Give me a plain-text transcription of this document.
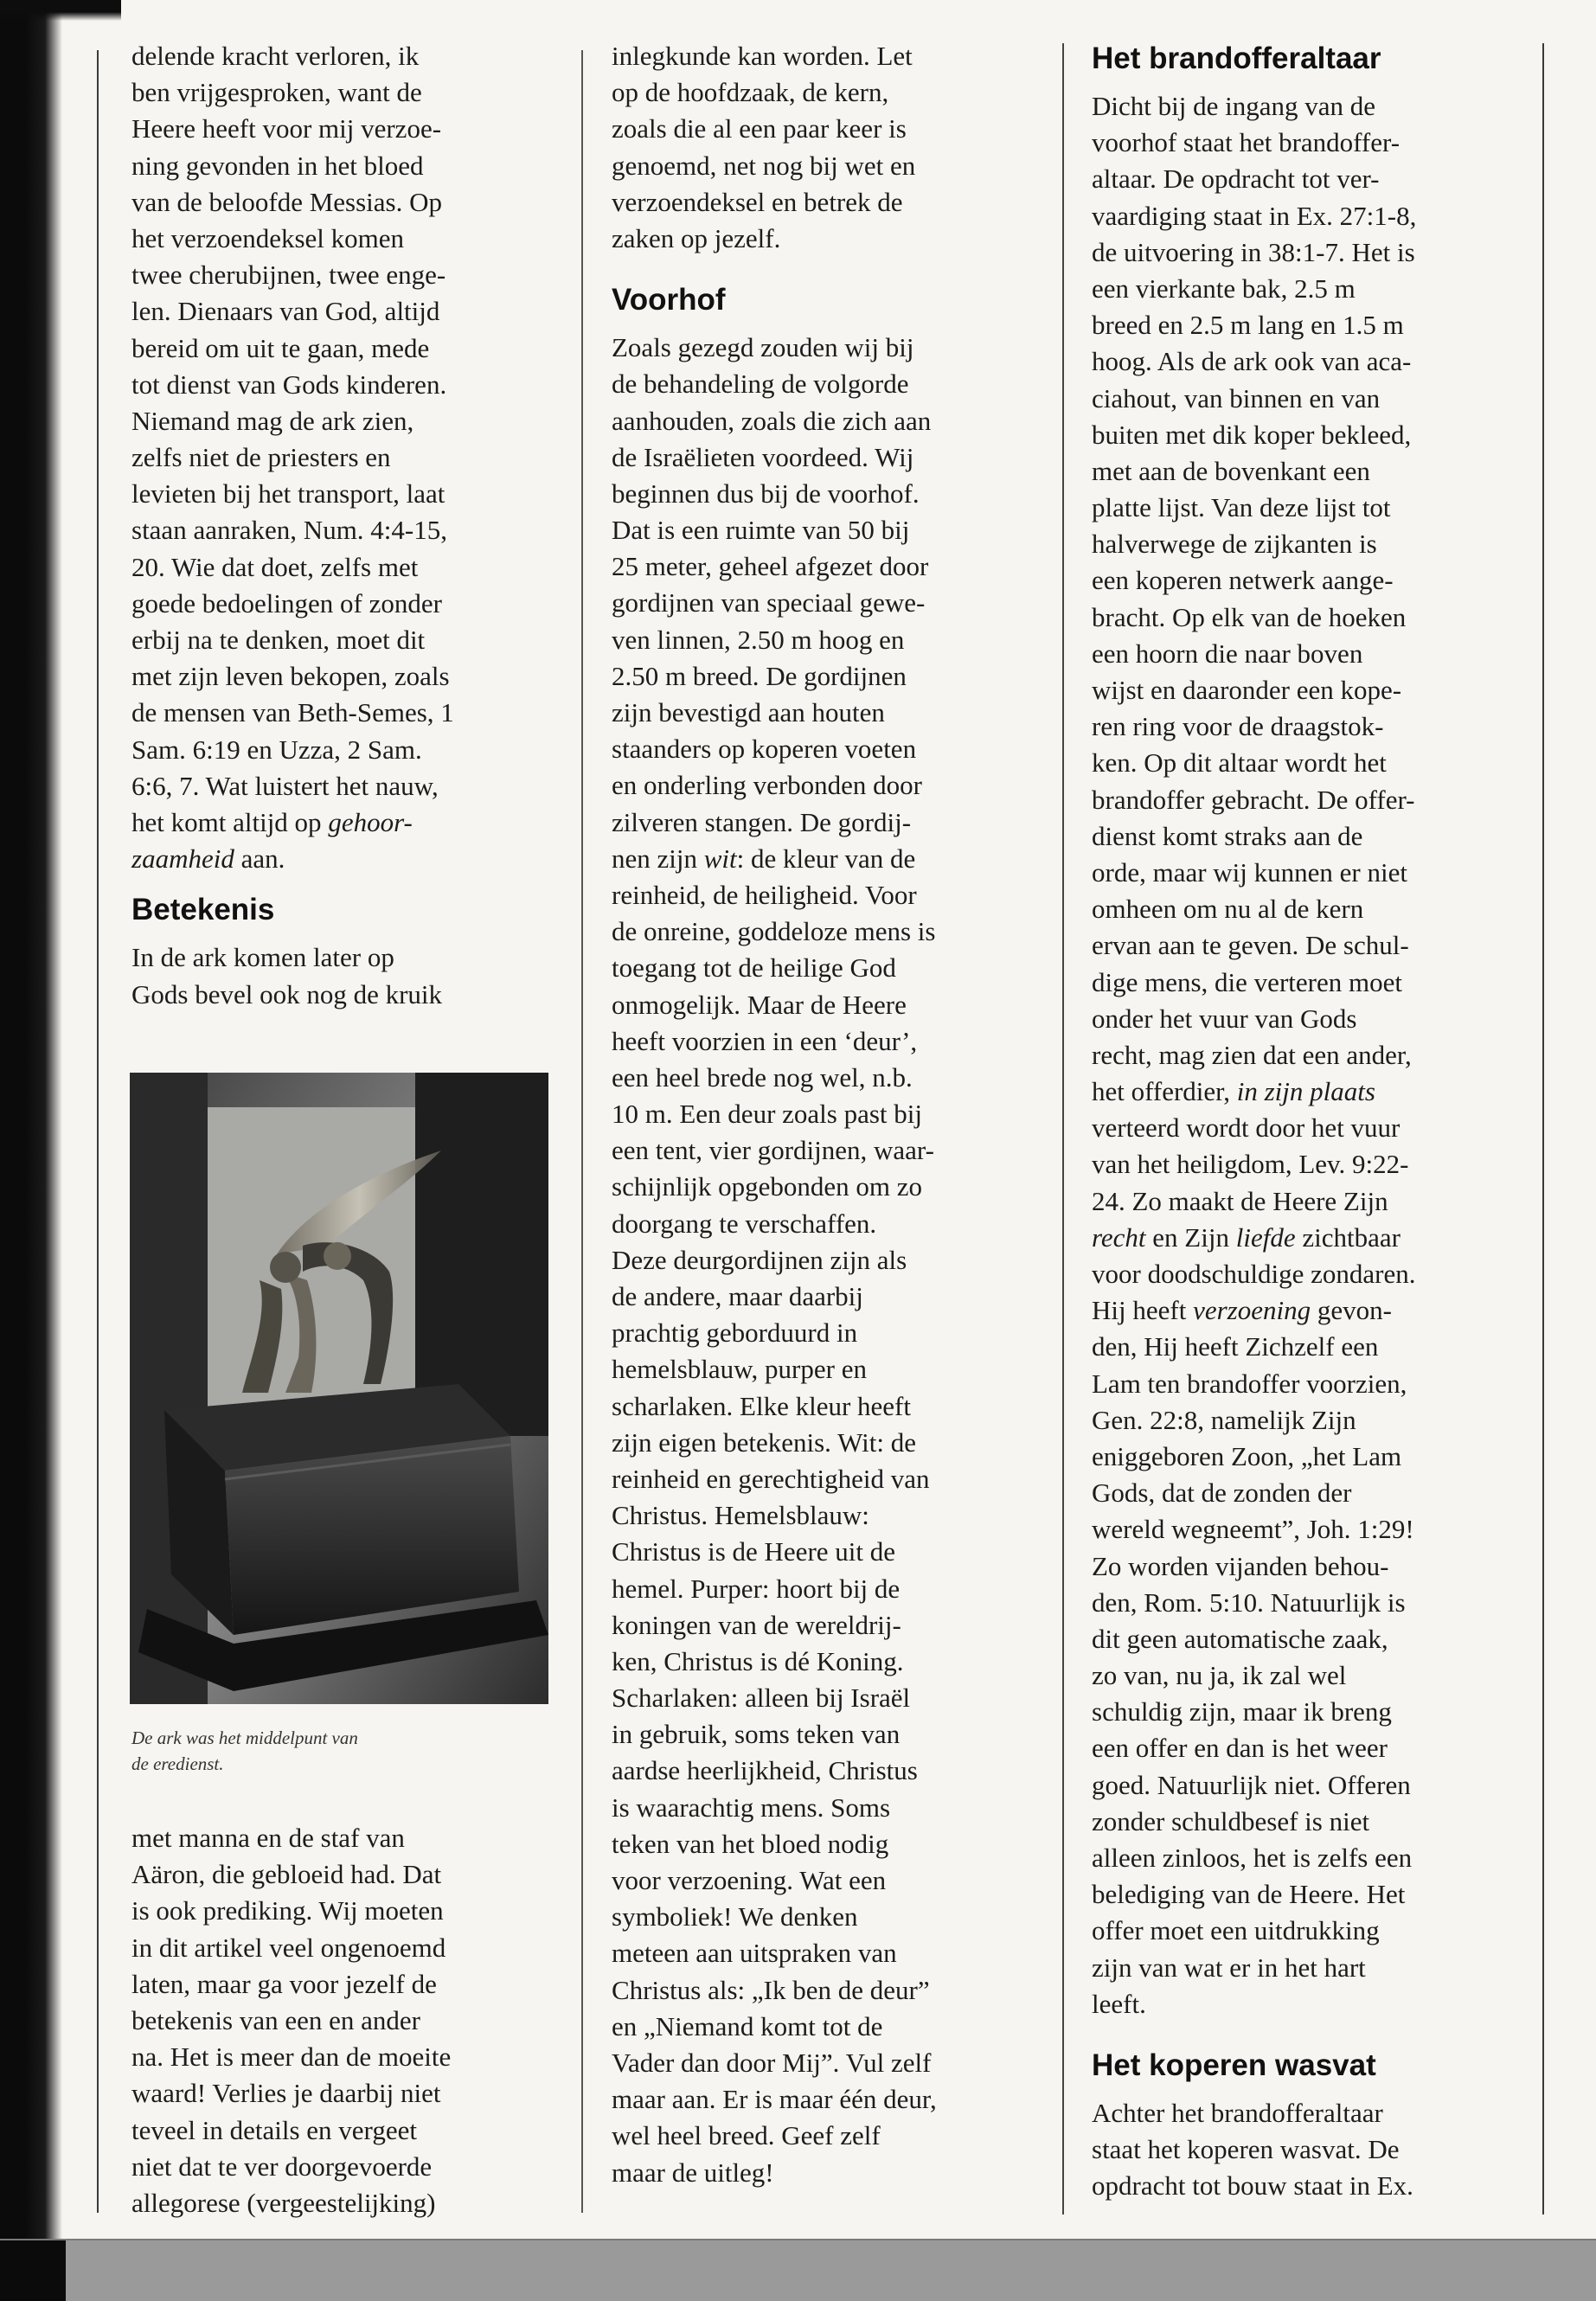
delende kracht verloren, ik
ben vrijgesproken, want de
Heere heeft voor mij verzoe-
ning gevonden in het bloed
van de beloofde Messias. Op
het verzoendeksel komen
twee cherubijnen, twee enge-
len. Dienaars van God, altijd
bereid om uit te gaan, mede
tot dienst van Gods kinderen.
Niemand mag de ark zien,
zelfs niet de priesters en
levieten bij het transport, laat
staan aanraken, Num. 4:4-15,
20. Wie dat doet, zelfs met
goede bedoelingen of zonder
erbij na te denken, moet dit
met zijn leven bekopen, zoals
de mensen van Beth-Semes, 1
Sam. 6:19 en Uzza, 2 Sam.
6:6, 7. Wat luistert het nauw,
het komt altijd op gehoor-
zaamheid aan.
Betekenis
In de ark komen later op
Gods bevel ook nog de kruik
De ark was het middelpunt van
de eredienst.
met manna en de staf van
Aäron, die gebloeid had. Dat
is ook prediking. Wij moeten
in dit artikel veel ongenoemd
laten, maar ga voor jezelf de
betekenis van een en ander
na. Het is meer dan de moeite
waard! Verlies je daarbij niet
teveel in details en vergeet
niet dat te ver doorgevoerde
allegorese (vergeestelijking)
inlegkunde kan worden. Let
op de hoofdzaak, de kern,
zoals die al een paar keer is
genoemd, net nog bij wet en
verzoendeksel en betrek de
zaken op jezelf.
Voorhof
Zoals gezegd zouden wij bij
de behandeling de volgorde
aanhouden, zoals die zich aan
de Israëlieten voordeed. Wij
beginnen dus bij de voorhof.
Dat is een ruimte van 50 bij
25 meter, geheel afgezet door
gordijnen van speciaal gewe-
ven linnen, 2.50 m hoog en
2.50 m breed. De gordijnen
zijn bevestigd aan houten
staanders op koperen voeten
en onderling verbonden door
zilveren stangen. De gordij-
nen zijn wit: de kleur van de
reinheid, de heiligheid. Voor
de onreine, goddeloze mens is
toegang tot de heilige God
onmogelijk. Maar de Heere
heeft voorzien in een ‘deur’,
een heel brede nog wel, n.b.
10 m. Een deur zoals past bij
een tent, vier gordijnen, waar-
schijnlijk opgebonden om zo
doorgang te verschaffen.
Deze deurgordijnen zijn als
de andere, maar daarbij
prachtig geborduurd in
hemelsblauw, purper en
scharlaken. Elke kleur heeft
zijn eigen betekenis. Wit: de
reinheid en gerechtigheid van
Christus. Hemelsblauw:
Christus is de Heere uit de
hemel. Purper: hoort bij de
koningen van de wereldrij-
ken, Christus is dé Koning.
Scharlaken: alleen bij Israël
in gebruik, soms teken van
aardse heerlijkheid, Christus
is waarachtig mens. Soms
teken van het bloed nodig
voor verzoening. Wat een
symboliek! We denken
meteen aan uitspraken van
Christus als: „Ik ben de deur”
en „Niemand komt tot de
Vader dan door Mij”. Vul zelf
maar aan. Er is maar één deur,
wel heel breed. Geef zelf
maar de uitleg!
Het brandofferaltaar
Dicht bij de ingang van de
voorhof staat het brandoffer-
altaar. De opdracht tot ver-
vaardiging staat in Ex. 27:1-8,
de uitvoering in 38:1-7. Het is
een vierkante bak, 2.5 m
breed en 2.5 m lang en 1.5 m
hoog. Als de ark ook van aca-
ciahout, van binnen en van
buiten met dik koper bekleed,
met aan de bovenkant een
platte lijst. Van deze lijst tot
halverwege de zijkanten is
een koperen netwerk aange-
bracht. Op elk van de hoeken
een hoorn die naar boven
wijst en daaronder een kope-
ren ring voor de draagstok-
ken. Op dit altaar wordt het
brandoffer gebracht. De offer-
dienst komt straks aan de
orde, maar wij kunnen er niet
omheen om nu al de kern
ervan aan te geven. De schul-
dige mens, die verteren moet
onder het vuur van Gods
recht, mag zien dat een ander,
het offerdier, in zijn plaats
verteerd wordt door het vuur
van het heiligdom, Lev. 9:22-
24. Zo maakt de Heere Zijn
recht en Zijn liefde zichtbaar
voor doodschuldige zondaren.
Hij heeft verzoening gevon-
den, Hij heeft Zichzelf een
Lam ten brandoffer voorzien,
Gen. 22:8, namelijk Zijn
eniggeboren Zoon, „het Lam
Gods, dat de zonden der
wereld wegneemt”, Joh. 1:29!
Zo worden vijanden behou-
den, Rom. 5:10. Natuurlijk is
dit geen automatische zaak,
zo van, nu ja, ik zal wel
schuldig zijn, maar ik breng
een offer en dan is het weer
goed. Natuurlijk niet. Offeren
zonder schuldbesef is niet
alleen zinloos, het is zelfs een
belediging van de Heere. Het
offer moet een uitdrukking
zijn van wat er in het hart
leeft.
Het koperen wasvat
Achter het brandofferaltaar
staat het koperen wasvat. De
opdracht tot bouw staat in Ex.
